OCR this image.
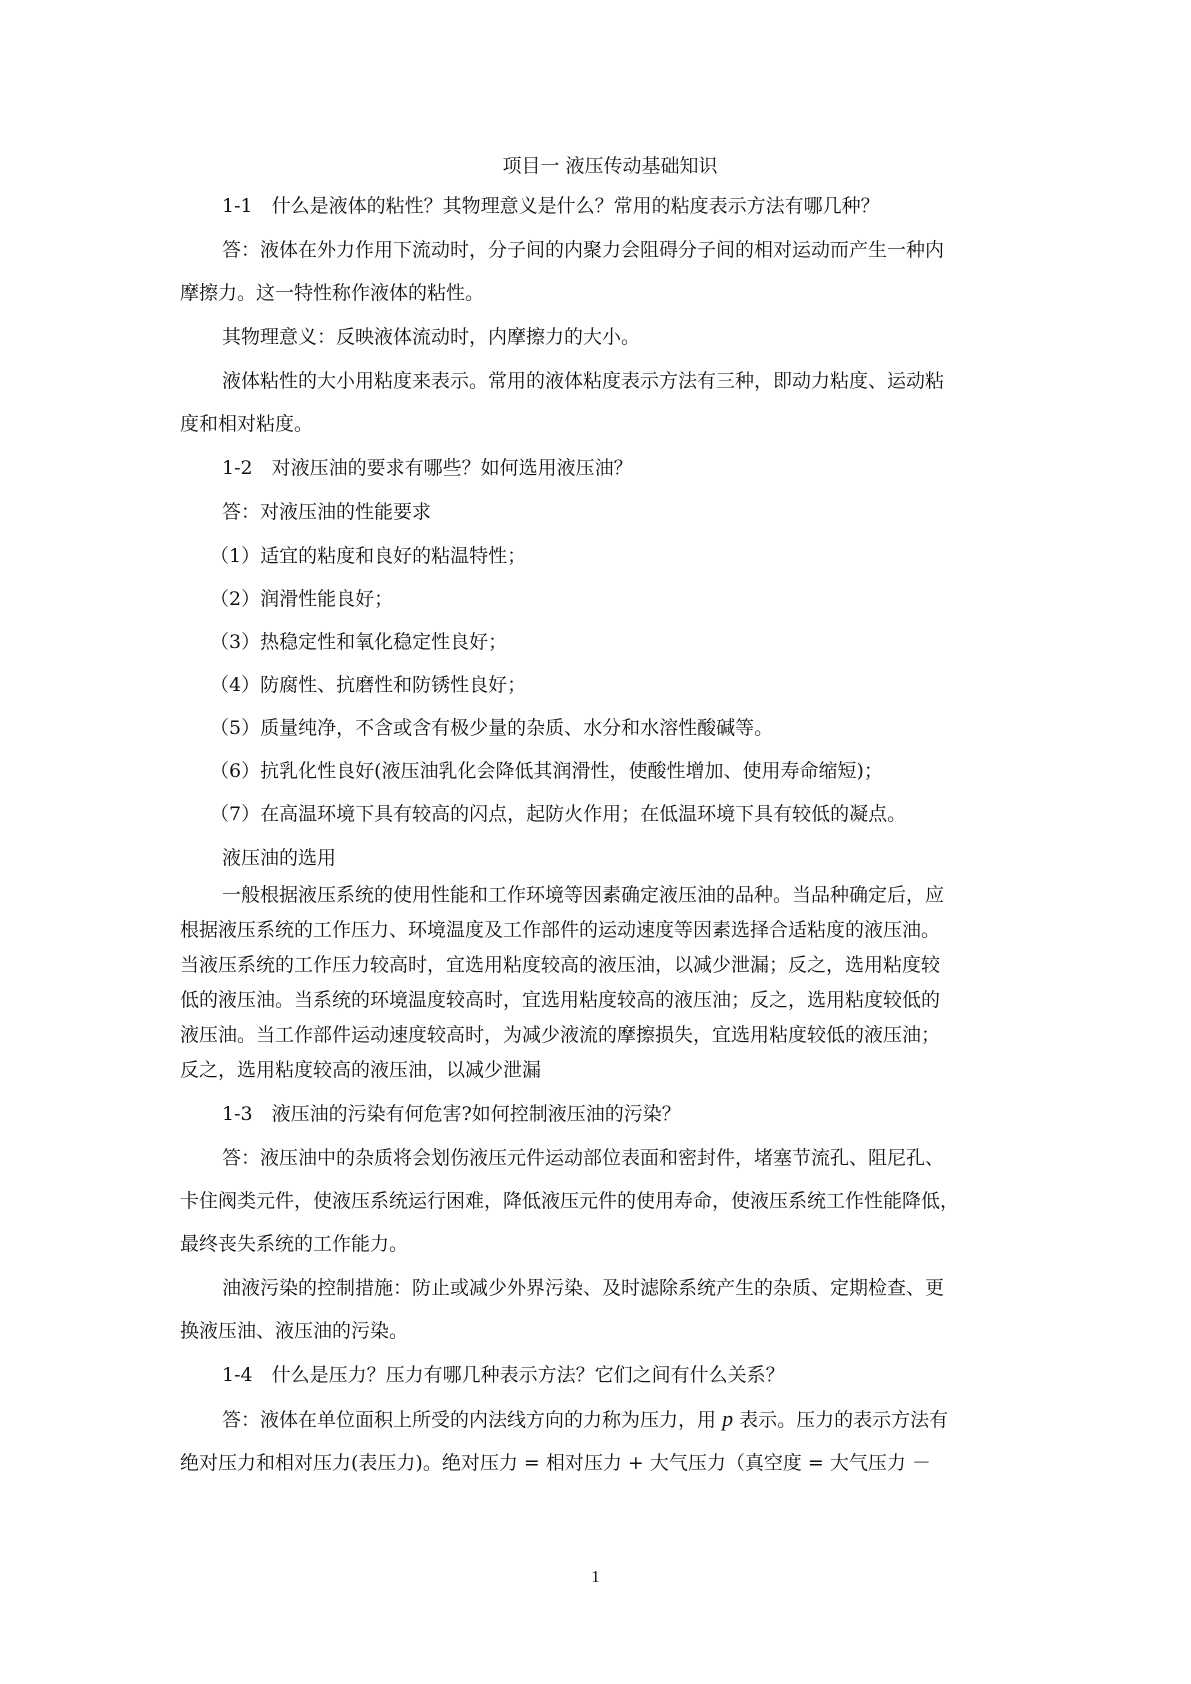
项目一 液压传动基础知识

1-1　什么是液体的粘性？其物理意义是什么？常用的粘度表示方法有哪几种？

答：液体在外力作用下流动时，分子间的内聚力会阻碍分子间的相对运动而产生一种内

摩擦力。这一特性称作液体的粘性。

其物理意义：反映液体流动时，内摩擦力的大小。

液体粘性的大小用粘度来表示。常用的液体粘度表示方法有三种，即动力粘度、运动粘

度和相对粘度。

1-2　对液压油的要求有哪些？如何选用液压油？

答：对液压油的性能要求

（1）适宜的粘度和良好的粘温特性；

（2）润滑性能良好；

（3）热稳定性和氧化稳定性良好；

（4）防腐性、抗磨性和防锈性良好；

（5）质量纯净，不含或含有极少量的杂质、水分和水溶性酸碱等。

（6）抗乳化性良好(液压油乳化会降低其润滑性，使酸性增加、使用寿命缩短)；

（7）在高温环境下具有较高的闪点，起防火作用；在低温环境下具有较低的凝点。

液压油的选用

一般根据液压系统的使用性能和工作环境等因素确定液压油的品种。当品种确定后，应

根据液压系统的工作压力、环境温度及工作部件的运动速度等因素选择合适粘度的液压油。

当液压系统的工作压力较高时，宜选用粘度较高的液压油，以减少泄漏；反之，选用粘度较

低的液压油。当系统的环境温度较高时，宜选用粘度较高的液压油；反之，选用粘度较低的

液压油。当工作部件运动速度较高时，为减少液流的摩擦损失，宜选用粘度较低的液压油；

反之，选用粘度较高的液压油，以减少泄漏

1-3　液压油的污染有何危害?如何控制液压油的污染？

答：液压油中的杂质将会划伤液压元件运动部位表面和密封件，堵塞节流孔、阻尼孔、

卡住阀类元件，使液压系统运行困难，降低液压元件的使用寿命，使液压系统工作性能降低，

最终丧失系统的工作能力。

油液污染的控制措施：防止或减少外界污染、及时滤除系统产生的杂质、定期检查、更

换液压油、液压油的污染。

1-4　什么是压力？压力有哪几种表示方法？它们之间有什么关系？

答：液体在单位面积上所受的内法线方向的力称为压力，用 p 表示。压力的表示方法有

绝对压力和相对压力(表压力)。绝对压力 = 相对压力 + 大气压力（真空度 = 大气压力 －

1
